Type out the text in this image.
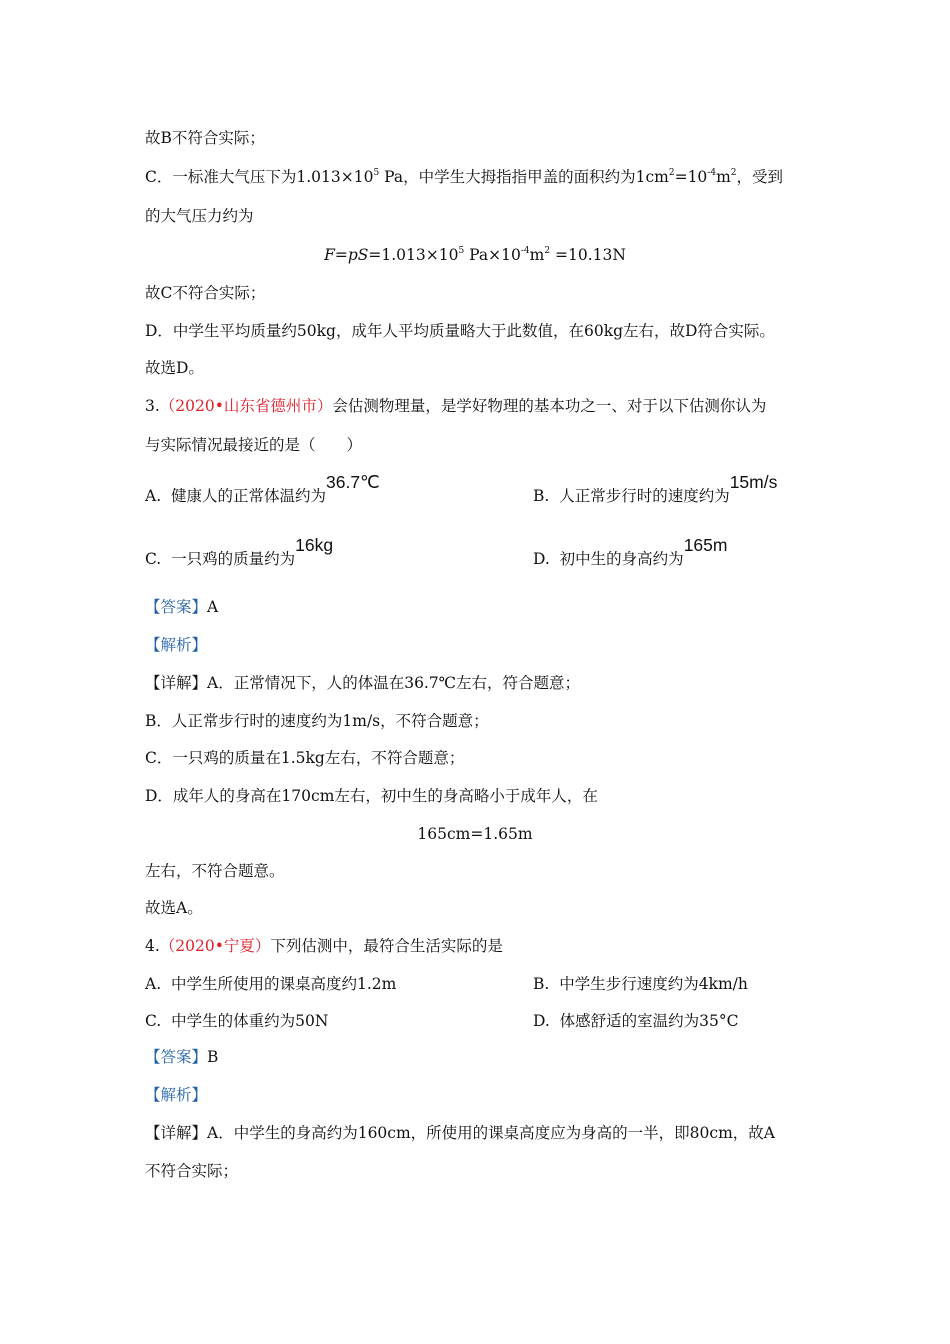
故B不符合实际；
C．一标准大气压下为$1.013\times 10^5$ Pa，中学生大拇指指甲盖的面积约为$1cm^2=10^{-4}m^2$，受到
的大气压力约为
$F=pS=1.013\times 10^5$ $Pa\times 10^{-4}m^2 =10.13N$
故C不符合实际；
D．中学生平均质量约50kg，成年人平均质量略大于此数值，在60kg左右，故D符合实际。
故选D。
3.（2020•山东省德州市）会估测物理量，是学好物理的基本功之一、对于以下估测你认为
与实际情况最接近的是（　　）
A. 健康人的正常体温约为36.7℃
B. 人正常步行时的速度约为15m/s
C. 一只鸡的质量约为16kg
D. 初中生的身高约为165m
【答案】A
【解析】
【详解】A．正常情况下，人的体温在36.7℃左右，符合题意；
B．人正常步行时的速度约为1m/s，不符合题意；
C．一只鸡的质量在1.5kg左右，不符合题意；
D．成年人的身高在170cm左右，初中生的身高略小于成年人，在
165cm=1.65m
左右，不符合题意。
故选A。
4.（2020•宁夏）下列估测中，最符合生活实际的是
A. 中学生所使用的课桌高度约1.2m	B. 中学生步行速度约为4km/h
C. 中学生的体重约为50N	D. 体感舒适的室温约为35°C
【答案】B
【解析】
【详解】A．中学生的身高约为160cm，所使用的课桌高度应为身高的一半，即80cm，故A
不符合实际；
